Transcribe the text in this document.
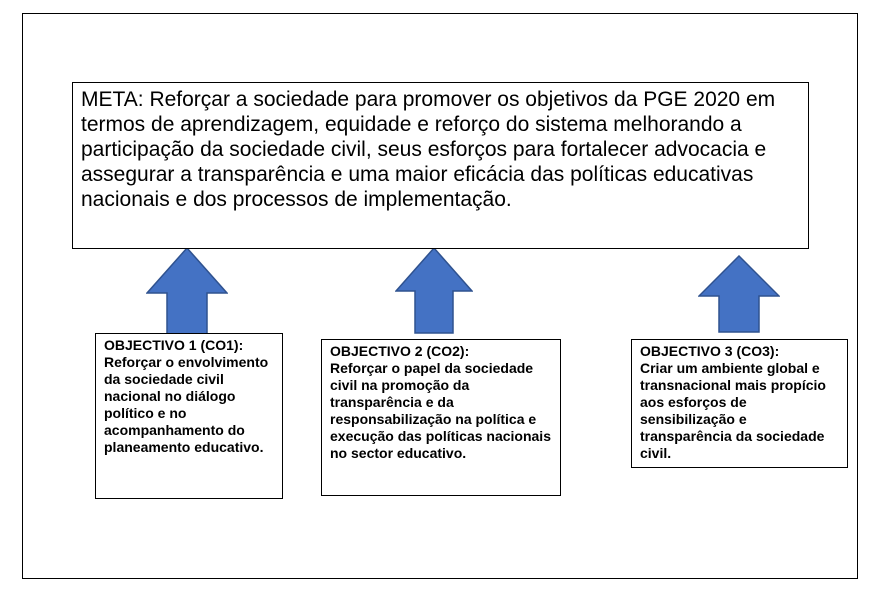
META: Reforçar a sociedade para promover os objetivos da PGE 2020 em termos de aprendizagem, equidade e reforço do sistema melhorando a participação da sociedade civil, seus esforços para fortalecer advocacia e assegurar a transparência e uma maior eficácia das políticas educativas nacionais e dos processos de implementação.
OBJECTIVO 1 (CO1):
Reforçar o envolvimento da sociedade civil nacional no diálogo político e no acompanhamento do planeamento educativo.
OBJECTIVO 2 (CO2):
Reforçar o papel da sociedade civil na promoção da transparência e da responsabilização na política e execução das políticas nacionais no sector educativo.
OBJECTIVO 3 (CO3):
Criar um ambiente global e transnacional mais propício aos esforços de sensibilização e transparência da sociedade civil.
